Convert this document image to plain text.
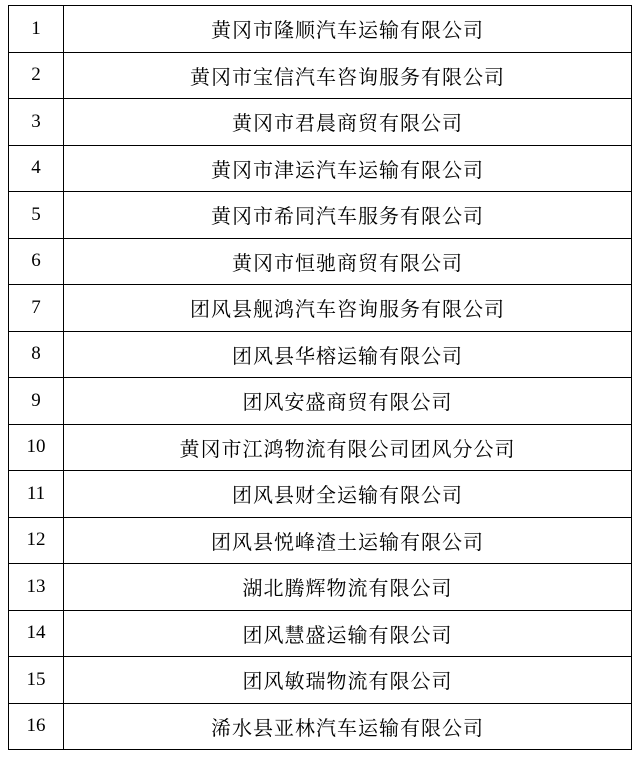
1	黄冈市隆顺汽车运输有限公司
2	黄冈市宝信汽车咨询服务有限公司
3	黄冈市君晨商贸有限公司
4	黄冈市津运汽车运输有限公司
5	黄冈市希同汽车服务有限公司
6	黄冈市恒驰商贸有限公司
7	团风县舰鸿汽车咨询服务有限公司
8	团风县华榕运输有限公司
9	团风安盛商贸有限公司
10	黄冈市江鸿物流有限公司团风分公司
11	团风县财全运输有限公司
12	团风县悦峰渣土运输有限公司
13	湖北腾辉物流有限公司
14	团风慧盛运输有限公司
15	团风敏瑞物流有限公司
16	浠水县亚林汽车运输有限公司
